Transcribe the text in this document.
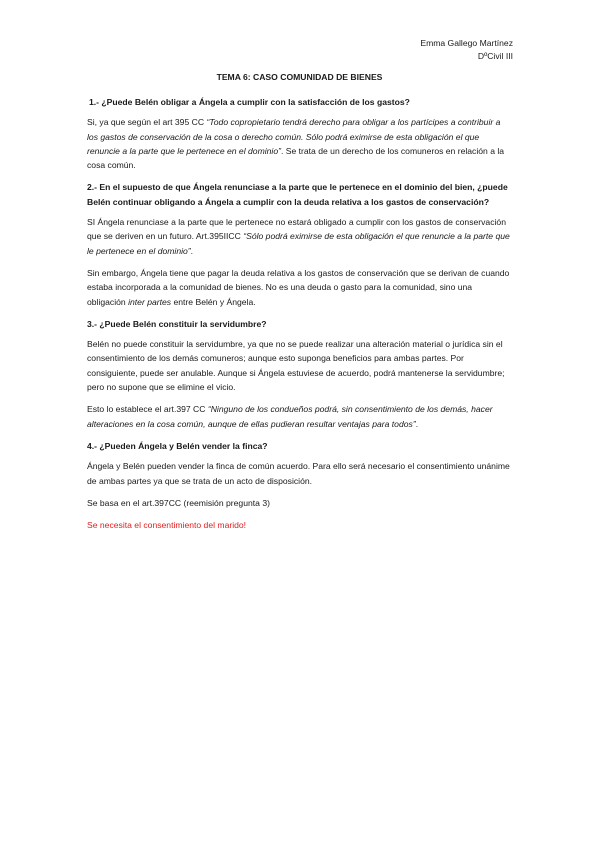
Emma Gallego Martínez
DºCivil III
TEMA 6: CASO COMUNIDAD DE BIENES
1.- ¿Puede Belén obligar a Ángela a cumplir con la satisfacción de los gastos?

Si, ya que según el art 395 CC “Todo copropietario tendrá derecho para obligar a los partícipes a contribuir a los gastos de conservación de la cosa o derecho común. Sólo podrá eximirse de esta obligación el que renuncie a la parte que le pertenece en el dominio”. Se trata de un derecho de los comuneros en relación a la cosa común.

2.- En el supuesto de que Ángela renunciase a la parte que le pertenece en el dominio del bien, ¿puede Belén continuar obligando a Ángela a cumplir con la deuda relativa a los gastos de conservación?

SI Ángela renunciase a la parte que le pertenece no estará obligado a cumplir con los gastos de conservación que se deriven en un futuro. Art.395IICC “Sólo podrá eximirse de esta obligación el que renuncie a la parte que le pertenece en el dominio”.

Sin embargo, Ángela tiene que pagar la deuda relativa a los gastos de conservación que se derivan de cuando estaba incorporada a la comunidad de bienes. No es una deuda o gasto para la comunidad, sino una obligación inter partes entre Belén y Ángela.

3.- ¿Puede Belén constituir la servidumbre?

Belén no puede constituir la servidumbre, ya que no se puede realizar una alteración material o jurídica sin el consentimiento de los demás comuneros; aunque esto suponga beneficios para ambas partes. Por consiguiente, puede ser anulable. Aunque si Ángela estuviese de acuerdo, podrá mantenerse la servidumbre; pero no supone que se elimine el vicio.

Esto lo establece el art.397 CC “Ninguno de los condueños podrá, sin consentimiento de los demás, hacer alteraciones en la cosa común, aunque de ellas pudieran resultar ventajas para todos”.

4.- ¿Pueden Ángela y Belén vender la finca?

Ángela y Belén pueden vender la finca de común acuerdo. Para ello será necesario el consentimiento unánime de ambas partes ya que se trata de un acto de disposición.

Se basa en el art.397CC (reemisión pregunta 3)

Se necesita el consentimiento del marido!
